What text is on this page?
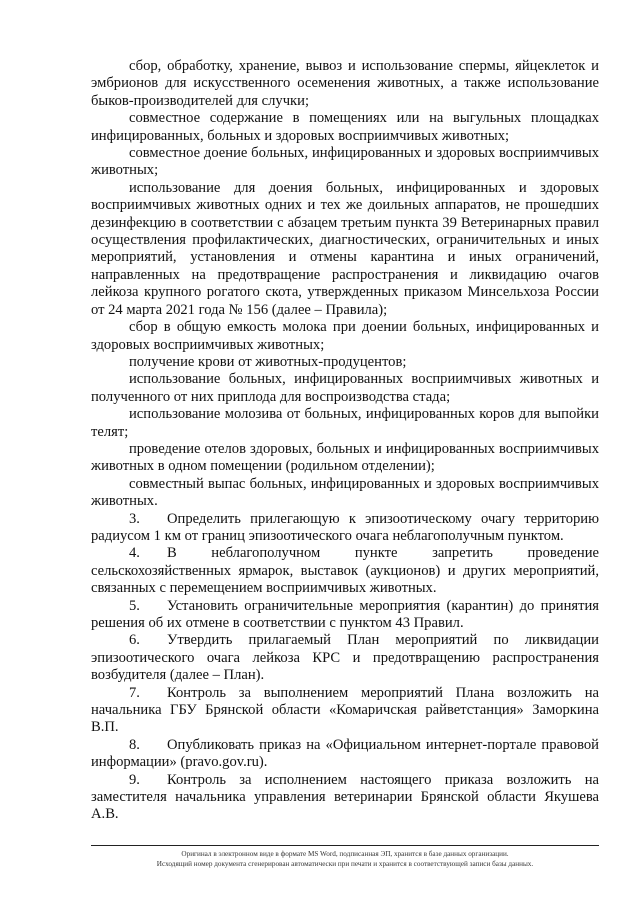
сбор, обработку, хранение, вывоз и использование спермы, яйцеклеток и эмбрионов для искусственного осеменения животных, а также использование быков-производителей для случки;

совместное содержание в помещениях или на выгульных площадках инфицированных, больных и здоровых восприимчивых животных;

совместное доение больных, инфицированных и здоровых восприимчивых животных;

использование для доения больных, инфицированных и здоровых восприимчивых животных одних и тех же доильных аппаратов, не прошедших дезинфекцию в соответствии с абзацем третьим пункта 39 Ветеринарных правил осуществления профилактических, диагностических, ограничительных и иных мероприятий, установления и отмены карантина и иных ограничений, направленных на предотвращение распространения и ликвидацию очагов лейкоза крупного рогатого скота, утвержденных приказом Минсельхоза России от 24 марта 2021 года № 156 (далее – Правила);

сбор в общую емкость молока при доении больных, инфицированных и здоровых восприимчивых животных;

получение крови от животных-продуцентов;

использование больных, инфицированных восприимчивых животных и полученного от них приплода для воспроизводства стада;

использование молозива от больных, инфицированных коров для выпойки телят;

проведение отелов здоровых, больных и инфицированных восприимчивых животных в одном помещении (родильном отделении);

совместный выпас больных, инфицированных и здоровых восприимчивых животных.

3. Определить прилегающую к эпизоотическому очагу территорию радиусом 1 км от границ эпизоотического очага неблагополучным пунктом.

4. В неблагополучном пункте запретить проведение сельскохозяйственных ярмарок, выставок (аукционов) и других мероприятий, связанных с перемещением восприимчивых животных.

5. Установить ограничительные мероприятия (карантин) до принятия решения об их отмене в соответствии с пунктом 43 Правил.

6. Утвердить прилагаемый План мероприятий по ликвидации эпизоотического очага лейкоза КРС и предотвращению распространения возбудителя (далее – План).

7. Контроль за выполнением мероприятий Плана возложить на начальника ГБУ Брянской области «Комаричская райветстанция» Заморкина В.П.

8. Опубликовать приказ на «Официальном интернет-портале правовой информации» (pravo.gov.ru).

9. Контроль за исполнением настоящего приказа возложить на заместителя начальника управления ветеринарии Брянской области Якушева А.В.

Оригинал в электронном виде в формате MS Word, подписанная ЭП, хранится в базе данных организации.
Исходящий номер документа сгенерирован автоматически при печати и хранится в соответствующей записи базы данных.
